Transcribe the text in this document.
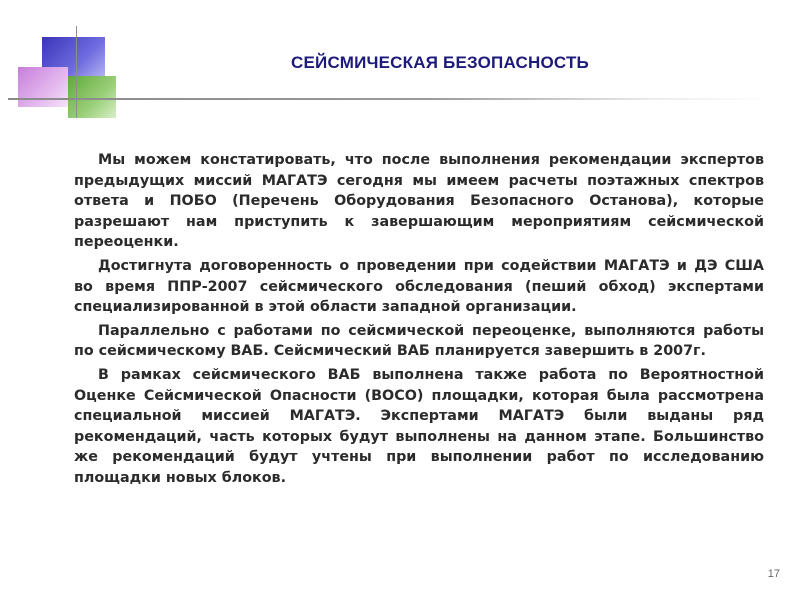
СЕЙСМИЧЕСКАЯ БЕЗОПАСНОСТЬ

Мы можем констатировать, что после выполнения рекомендации экспертов предыдущих миссий МАГАТЭ сегодня мы имеем расчеты поэтажных спектров ответа и ПОБО (Перечень Оборудования Безопасного Останова), которые разрешают нам приступить к завершающим мероприятиям сейсмической переоценки.

Достигнута договоренность о проведении при содействии МАГАТЭ и ДЭ США во время ППР-2007 сейсмического обследования (пеший обход) экспертами специализированной в этой области западной организации.

Параллельно с работами по сейсмической переоценке, выполняются работы по сейсмическому ВАБ. Сейсмический ВАБ планируется завершить в 2007г.

В рамках сейсмического ВАБ выполнена также работа по Вероятностной Оценке Сейсмической Опасности (ВОСО) площадки, которая была рассмотрена специальной миссией МАГАТЭ. Экспертами МАГАТЭ были выданы ряд рекомендаций, часть которых будут выполнены на данном этапе. Большинство же рекомендаций будут учтены при выполнении работ по исследованию площадки новых блоков.

17
